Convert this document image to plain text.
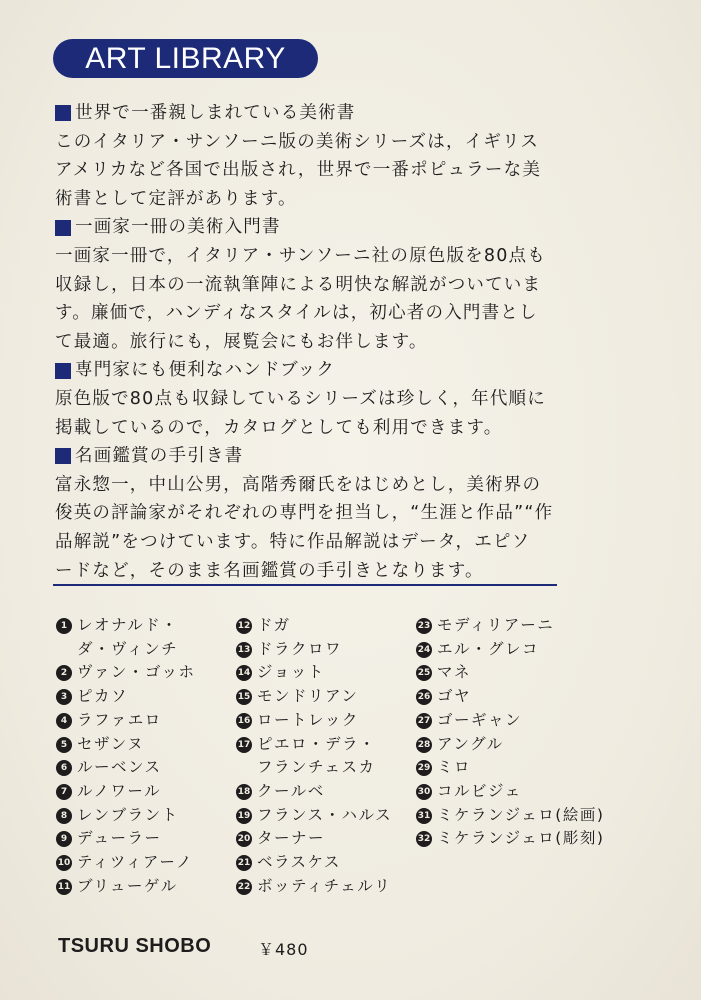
ART LIBRARY
世界で一番親しまれている美術書
このイタリア・サンソーニ版の美術シリーズは，イギリス
アメリカなど各国で出版され，世界で一番ポピュラーな美
術書として定評があります。
一画家一冊の美術入門書
一画家一冊で，イタリア・サンソーニ社の原色版を80点も
収録し，日本の一流執筆陣による明快な解説がついていま
す。廉価で，ハンディなスタイルは，初心者の入門書とし
て最適。旅行にも，展覧会にもお伴します。
専門家にも便利なハンドブック
原色版で80点も収録しているシリーズは珍しく，年代順に
掲載しているので，カタログとしても利用できます。
名画鑑賞の手引き書
富永惣一，中山公男，高階秀爾氏をはじめとし，美術界の
俊英の評論家がそれぞれの専門を担当し，“生涯と作品”“作
品解説”をつけています。特に作品解説はデータ，エピソ
ードなど，そのまま名画鑑賞の手引きとなります。
1 レオナルド・
ダ・ヴィンチ
2 ヴァン・ゴッホ
3 ピカソ
4 ラファエロ
5 セザンヌ
6 ルーベンス
7 ルノワール
8 レンブラント
9 デューラー
10 ティツィアーノ
11 ブリューゲル
12 ドガ
13 ドラクロワ
14 ジョット
15 モンドリアン
16 ロートレック
17 ピエロ・デラ・
フランチェスカ
18 クールベ
19 フランス・ハルス
20 ターナー
21 ベラスケス
22 ボッティチェルリ
23 モディリアーニ
24 エル・グレコ
25 マネ
26 ゴヤ
27 ゴーギャン
28 アングル
29 ミロ
30 コルビジェ
31 ミケランジェロ(絵画)
32 ミケランジェロ(彫刻)
TSURU SHOBO	￥480
